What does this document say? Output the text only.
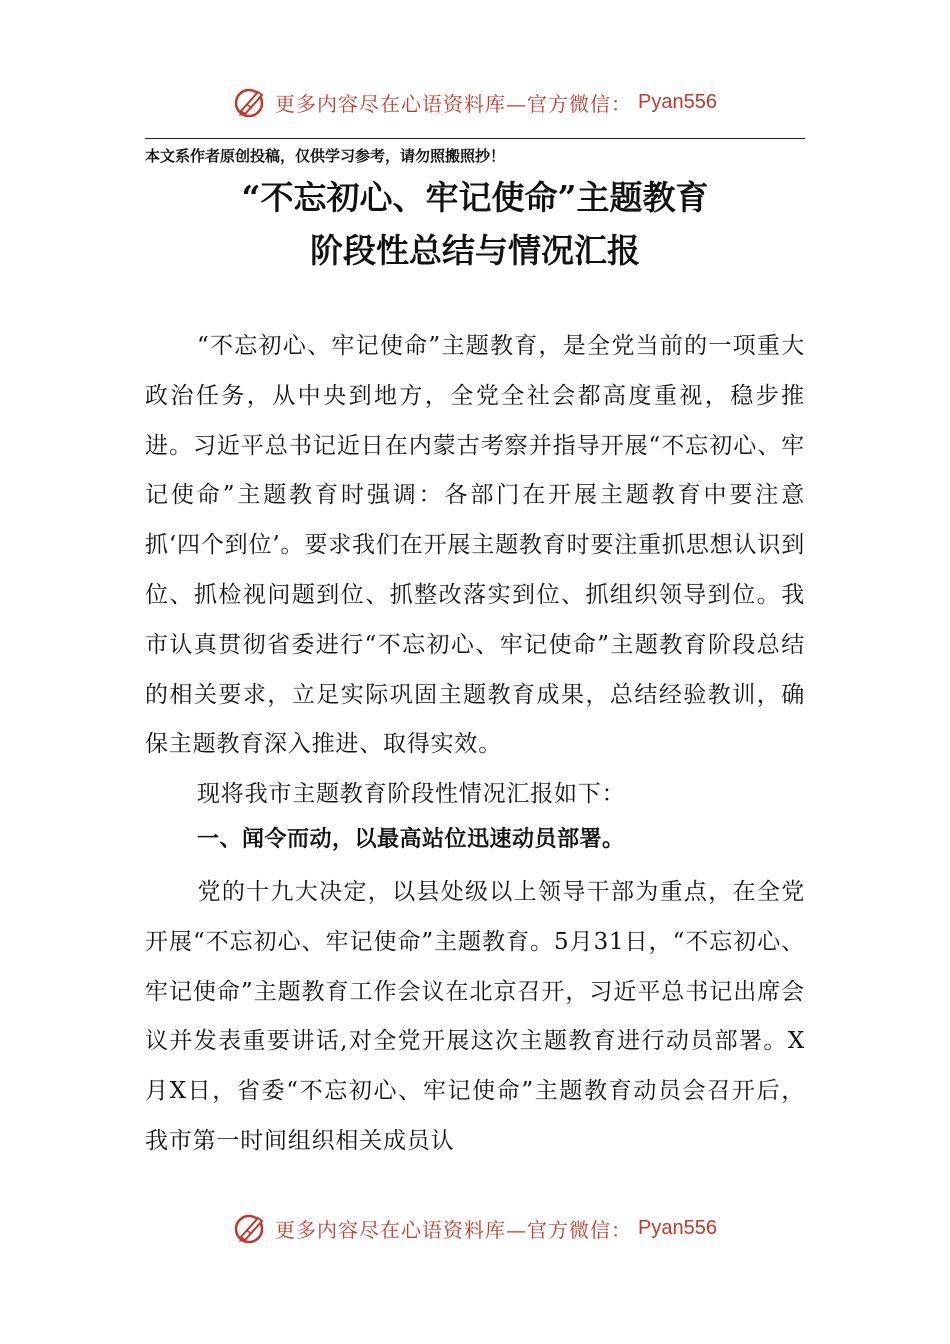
更多内容尽在心语资料库—官方微信： Pyan556
本文系作者原创投稿，仅供学习参考，请勿照搬照抄！
“不忘初心、牢记使命”主题教育
阶段性总结与情况汇报

“不忘初心、牢记使命”主题教育，是全党当前的一项重大政治任务，从中央到地方，全党全社会都高度重视，稳步推进。习近平总书记近日在内蒙古考察并指导开展“不忘初心、牢记使命”主题教育时强调：各部门在开展主题教育中要注意抓‘四个到位’。要求我们在开展主题教育时要注重抓思想认识到位、抓检视问题到位、抓整改落实到位、抓组织领导到位。我市认真贯彻省委进行“不忘初心、牢记使命”主题教育阶段总结的相关要求，立足实际巩固主题教育成果，总结经验教训，确保主题教育深入推进、取得实效。

现将我市主题教育阶段性情况汇报如下：

一、闻令而动，以最高站位迅速动员部署。

党的十九大决定，以县处级以上领导干部为重点，在全党开展“不忘初心、牢记使命”主题教育。5月31日，“不忘初心、牢记使命”主题教育工作会议在北京召开，习近平总书记出席会议并发表重要讲话,对全党开展这次主题教育进行动员部署。X月X日，省委“不忘初心、牢记使命”主题教育动员会召开后，我市第一时间组织相关成员认

更多内容尽在心语资料库—官方微信： Pyan556
